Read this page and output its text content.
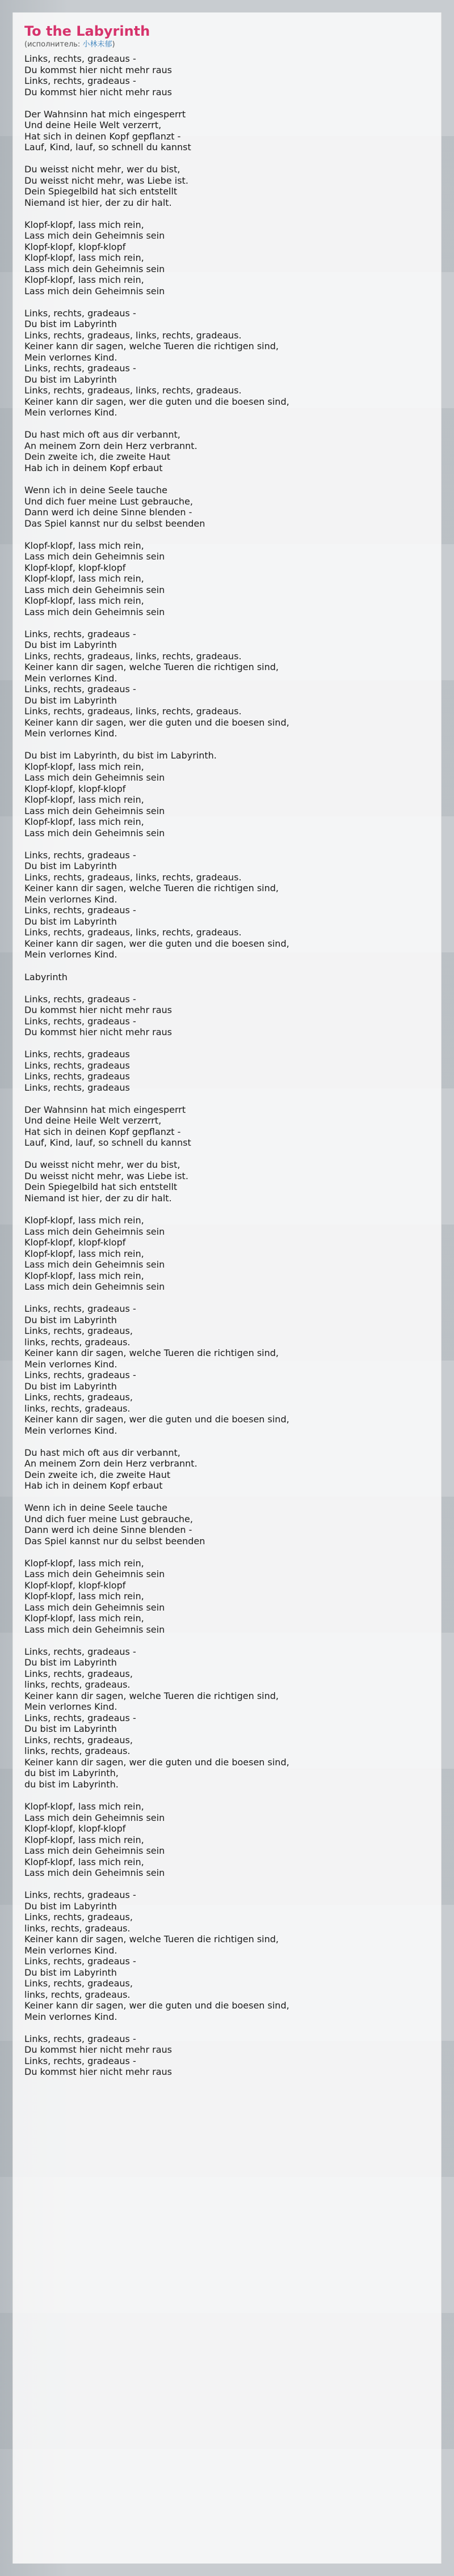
To the Labyrinth

(исполнитель: 小林未郁)

Links, rechts, gradeaus -
Du kommst hier nicht mehr raus
Links, rechts, gradeaus -
Du kommst hier nicht mehr raus
Der Wahnsinn hat mich eingesperrt
Und deine Heile Welt verzerrt,
Hat sich in deinen Kopf gepflanzt -
Lauf, Kind, lauf, so schnell du kannst
Du weisst nicht mehr, wer du bist,
Du weisst nicht mehr, was Liebe ist.
Dein Spiegelbild hat sich entstellt
Niemand ist hier, der zu dir halt.
Klopf-klopf, lass mich rein,
Lass mich dein Geheimnis sein
Klopf-klopf, klopf-klopf
Klopf-klopf, lass mich rein,
Lass mich dein Geheimnis sein
Klopf-klopf, lass mich rein,
Lass mich dein Geheimnis sein
Links, rechts, gradeaus -
Du bist im Labyrinth
Links, rechts, gradeaus, links, rechts, gradeaus.
Keiner kann dir sagen, welche Tueren die richtigen sind,
Mein verlornes Kind.
Links, rechts, gradeaus -
Du bist im Labyrinth
Links, rechts, gradeaus, links, rechts, gradeaus.
Keiner kann dir sagen, wer die guten und die boesen sind,
Mein verlornes Kind.
Du hast mich oft aus dir verbannt,
An meinem Zorn dein Herz verbrannt.
Dein zweite ich, die zweite Haut
Hab ich in deinem Kopf erbaut
Wenn ich in deine Seele tauche
Und dich fuer meine Lust gebrauche,
Dann werd ich deine Sinne blenden -
Das Spiel kannst nur du selbst beenden
Klopf-klopf, lass mich rein,
Lass mich dein Geheimnis sein
Klopf-klopf, klopf-klopf
Klopf-klopf, lass mich rein,
Lass mich dein Geheimnis sein
Klopf-klopf, lass mich rein,
Lass mich dein Geheimnis sein
Links, rechts, gradeaus -
Du bist im Labyrinth
Links, rechts, gradeaus, links, rechts, gradeaus.
Keiner kann dir sagen, welche Tueren die richtigen sind,
Mein verlornes Kind.
Links, rechts, gradeaus -
Du bist im Labyrinth
Links, rechts, gradeaus, links, rechts, gradeaus.
Keiner kann dir sagen, wer die guten und die boesen sind,
Mein verlornes Kind.
Du bist im Labyrinth, du bist im Labyrinth.
Klopf-klopf, lass mich rein,
Lass mich dein Geheimnis sein
Klopf-klopf, klopf-klopf
Klopf-klopf, lass mich rein,
Lass mich dein Geheimnis sein
Klopf-klopf, lass mich rein,
Lass mich dein Geheimnis sein
Links, rechts, gradeaus -
Du bist im Labyrinth
Links, rechts, gradeaus, links, rechts, gradeaus.
Keiner kann dir sagen, welche Tueren die richtigen sind,
Mein verlornes Kind.
Links, rechts, gradeaus -
Du bist im Labyrinth
Links, rechts, gradeaus, links, rechts, gradeaus.
Keiner kann dir sagen, wer die guten und die boesen sind,
Mein verlornes Kind.
Labyrinth
Links, rechts, gradeaus -
Du kommst hier nicht mehr raus
Links, rechts, gradeaus -
Du kommst hier nicht mehr raus
Links, rechts, gradeaus
Links, rechts, gradeaus
Links, rechts, gradeaus
Links, rechts, gradeaus
Der Wahnsinn hat mich eingesperrt
Und deine Heile Welt verzerrt,
Hat sich in deinen Kopf gepflanzt -
Lauf, Kind, lauf, so schnell du kannst
Du weisst nicht mehr, wer du bist,
Du weisst nicht mehr, was Liebe ist.
Dein Spiegelbild hat sich entstellt
Niemand ist hier, der zu dir halt.
Klopf-klopf, lass mich rein,
Lass mich dein Geheimnis sein
Klopf-klopf, klopf-klopf
Klopf-klopf, lass mich rein,
Lass mich dein Geheimnis sein
Klopf-klopf, lass mich rein,
Lass mich dein Geheimnis sein
Links, rechts, gradeaus -
Du bist im Labyrinth
Links, rechts, gradeaus,
links, rechts, gradeaus.
Keiner kann dir sagen, welche Tueren die richtigen sind,
Mein verlornes Kind.
Links, rechts, gradeaus -
Du bist im Labyrinth
Links, rechts, gradeaus,
links, rechts, gradeaus.
Keiner kann dir sagen, wer die guten und die boesen sind,
Mein verlornes Kind.
Du hast mich oft aus dir verbannt,
An meinem Zorn dein Herz verbrannt.
Dein zweite ich, die zweite Haut
Hab ich in deinem Kopf erbaut
Wenn ich in deine Seele tauche
Und dich fuer meine Lust gebrauche,
Dann werd ich deine Sinne blenden -
Das Spiel kannst nur du selbst beenden
Klopf-klopf, lass mich rein,
Lass mich dein Geheimnis sein
Klopf-klopf, klopf-klopf
Klopf-klopf, lass mich rein,
Lass mich dein Geheimnis sein
Klopf-klopf, lass mich rein,
Lass mich dein Geheimnis sein
Links, rechts, gradeaus -
Du bist im Labyrinth
Links, rechts, gradeaus,
links, rechts, gradeaus.
Keiner kann dir sagen, welche Tueren die richtigen sind,
Mein verlornes Kind.
Links, rechts, gradeaus -
Du bist im Labyrinth
Links, rechts, gradeaus,
links, rechts, gradeaus.
Keiner kann dir sagen, wer die guten und die boesen sind,
du bist im Labyrinth,
du bist im Labyrinth.
Klopf-klopf, lass mich rein,
Lass mich dein Geheimnis sein
Klopf-klopf, klopf-klopf
Klopf-klopf, lass mich rein,
Lass mich dein Geheimnis sein
Klopf-klopf, lass mich rein,
Lass mich dein Geheimnis sein
Links, rechts, gradeaus -
Du bist im Labyrinth
Links, rechts, gradeaus,
links, rechts, gradeaus.
Keiner kann dir sagen, welche Tueren die richtigen sind,
Mein verlornes Kind.
Links, rechts, gradeaus -
Du bist im Labyrinth
Links, rechts, gradeaus,
links, rechts, gradeaus.
Keiner kann dir sagen, wer die guten und die boesen sind,
Mein verlornes Kind.
Links, rechts, gradeaus -
Du kommst hier nicht mehr raus
Links, rechts, gradeaus -
Du kommst hier nicht mehr raus
